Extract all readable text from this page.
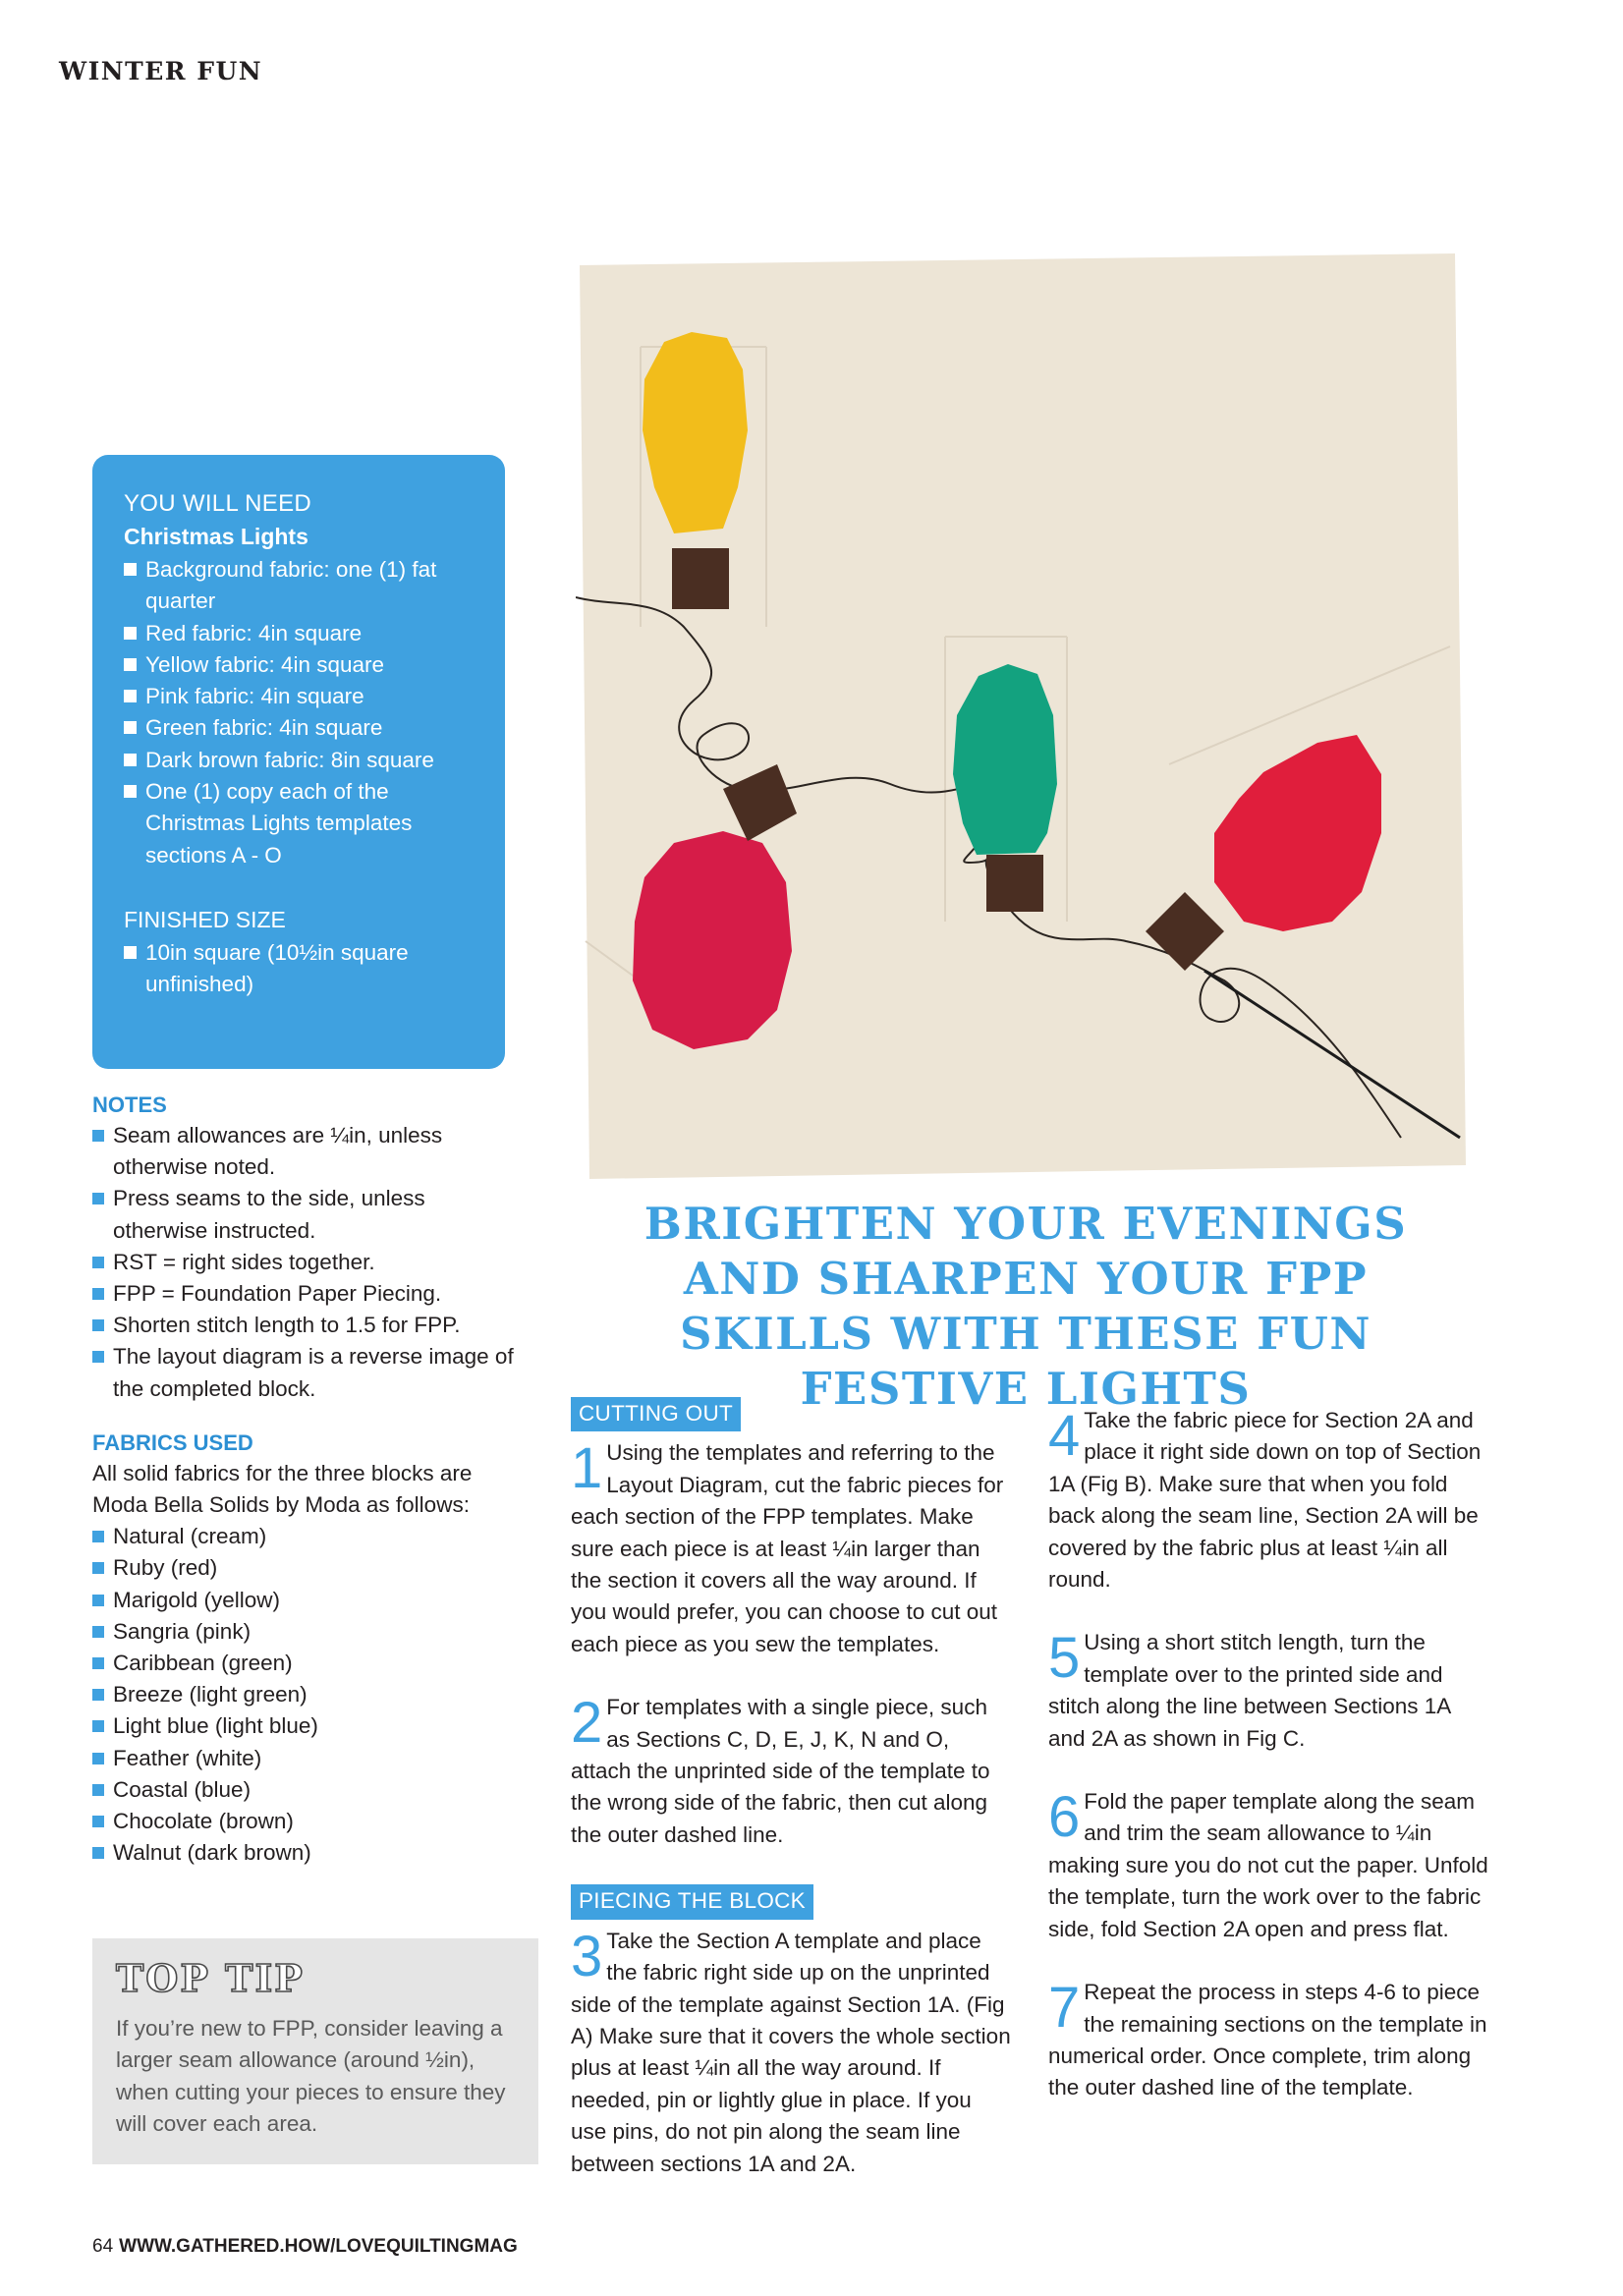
WINTER FUN
YOU WILL NEED
Christmas Lights
Background fabric: one (1) fat quarter
Red fabric: 4in square
Yellow fabric: 4in square
Pink fabric: 4in square
Green fabric: 4in square
Dark brown fabric: 8in square
One (1) copy each of the Christmas Lights templates sections A - O
FINISHED SIZE
10in square (10½in square unfinished)
NOTES
Seam allowances are ¼in, unless otherwise noted.
Press seams to the side, unless otherwise instructed.
RST = right sides together.
FPP = Foundation Paper Piecing.
Shorten stitch length to 1.5 for FPP.
The layout diagram is a reverse image of the completed block.
FABRICS USED

All solid fabrics for the three blocks are Moda Bella Solids by Moda as follows:

Natural (cream)
Ruby (red)
Marigold (yellow)
Sangria (pink)
Caribbean (green)
Breeze (light green)
Light blue (light blue)
Feather (white)
Coastal (blue)
Chocolate (brown)
Walnut (dark brown)
TOP TIP

If you’re new to FPP, consider leaving a larger seam allowance (around ½in), when cutting your pieces to ensure they will cover each area.

BRIGHTEN YOUR EVENINGS AND SHARPEN YOUR FPP SKILLS WITH THESE FUN FESTIVE LIGHTS
CUTTING OUT
1 Using the templates and referring to the Layout Diagram, cut the fabric pieces for each section of the FPP templates. Make sure each piece is at least ¼in larger than the section it covers all the way around. If you would prefer, you can choose to cut out each piece as you sew the templates.

2 For templates with a single piece, such as Sections C, D, E, J, K, N and O, attach the unprinted side of the template to the wrong side of the fabric, then cut along the outer dashed line.

PIECING THE BLOCK
3 Take the Section A template and place the fabric right side up on the unprinted side of the template against Section 1A. (Fig A) Make sure that it covers the whole section plus at least ¼in all the way around. If needed, pin or lightly glue in place. If you use pins, do not pin along the seam line between sections 1A and 2A.

4 Take the fabric piece for Section 2A and place it right side down on top of Section 1A (Fig B). Make sure that when you fold back along the seam line, Section 2A will be covered by the fabric plus at least ¼in all round.

5 Using a short stitch length, turn the template over to the printed side and stitch along the line between Sections 1A and 2A as shown in Fig C.

6 Fold the paper template along the seam and trim the seam allowance to ¼in making sure you do not cut the paper. Unfold the template, turn the work over to the fabric side, fold Section 2A open and press flat.

7 Repeat the process in steps 4-6 to piece the remaining sections on the template in numerical order. Once complete, trim along the outer dashed line of the template.

64 WWW.GATHERED.HOW/LOVEQUILTINGMAG
